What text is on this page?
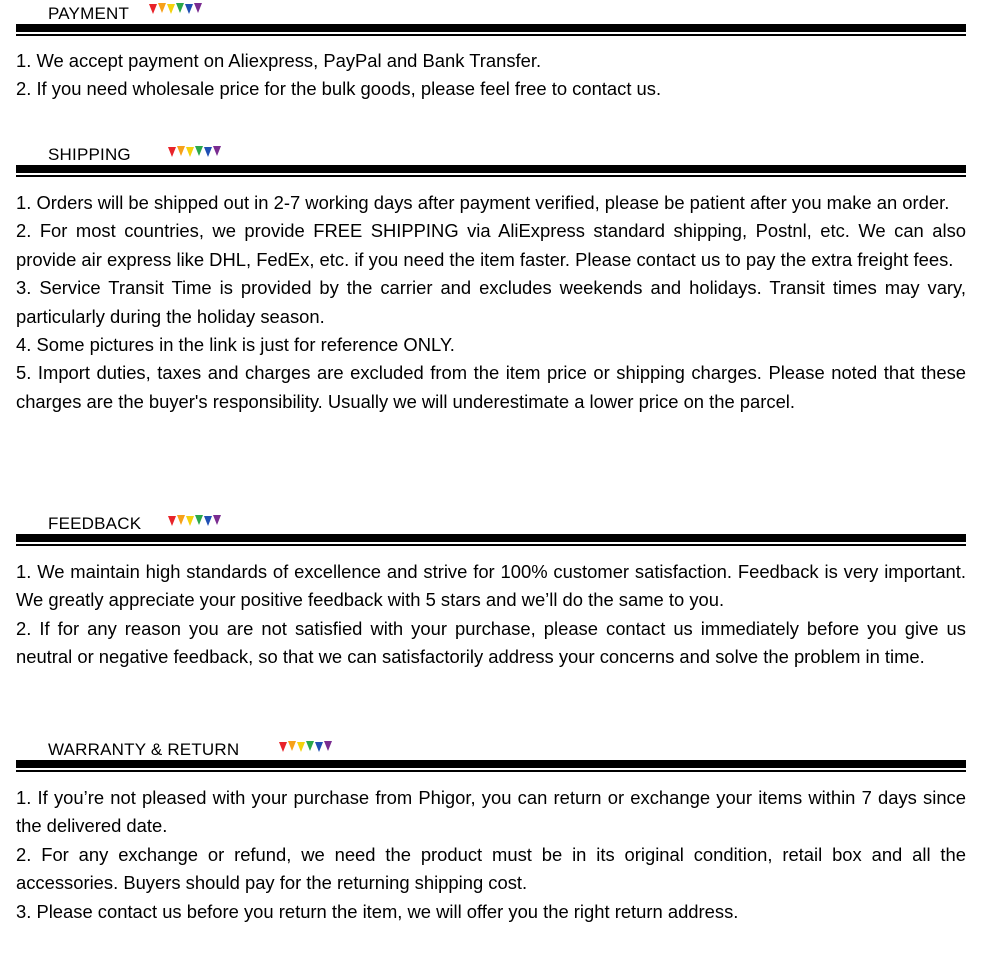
PAYMENT

1. We accept payment on Aliexpress, PayPal and Bank Transfer.

2. If you need wholesale price for the bulk goods, please feel free to contact us.

SHIPPING

1. Orders will be shipped out in 2-7 working days after payment verified, please be patient after you make an order.

2. For most countries, we provide FREE SHIPPING via AliExpress standard shipping, Postnl, etc. We can also provide air express like DHL, FedEx, etc. if you need the item faster. Please contact us to pay the extra freight fees.

3. Service Transit Time is provided by the carrier and excludes weekends and holidays. Transit times may vary, particularly during the holiday season.

4. Some pictures in the link is just for reference ONLY.

5. Import duties, taxes and charges are excluded from the item price or shipping charges. Please noted that these charges are the buyer's responsibility. Usually we will underestimate a lower price on the parcel.

FEEDBACK

1. We maintain high standards of excellence and strive for 100% customer satisfaction. Feedback is very important. We greatly appreciate your positive feedback with 5 stars and we’ll do the same to you.

2. If for any reason you are not satisfied with your purchase, please contact us immediately before you give us neutral or negative feedback, so that we can satisfactorily address your concerns and solve the problem in time.

WARRANTY & RETURN

1. If you’re not pleased with your purchase from Phigor, you can return or exchange your items within 7 days since the delivered date.

2. For any exchange or refund, we need the product must be in its original condition, retail box and all the accessories. Buyers should pay for the returning shipping cost.

3. Please contact us before you return the item, we will offer you the right return address.
